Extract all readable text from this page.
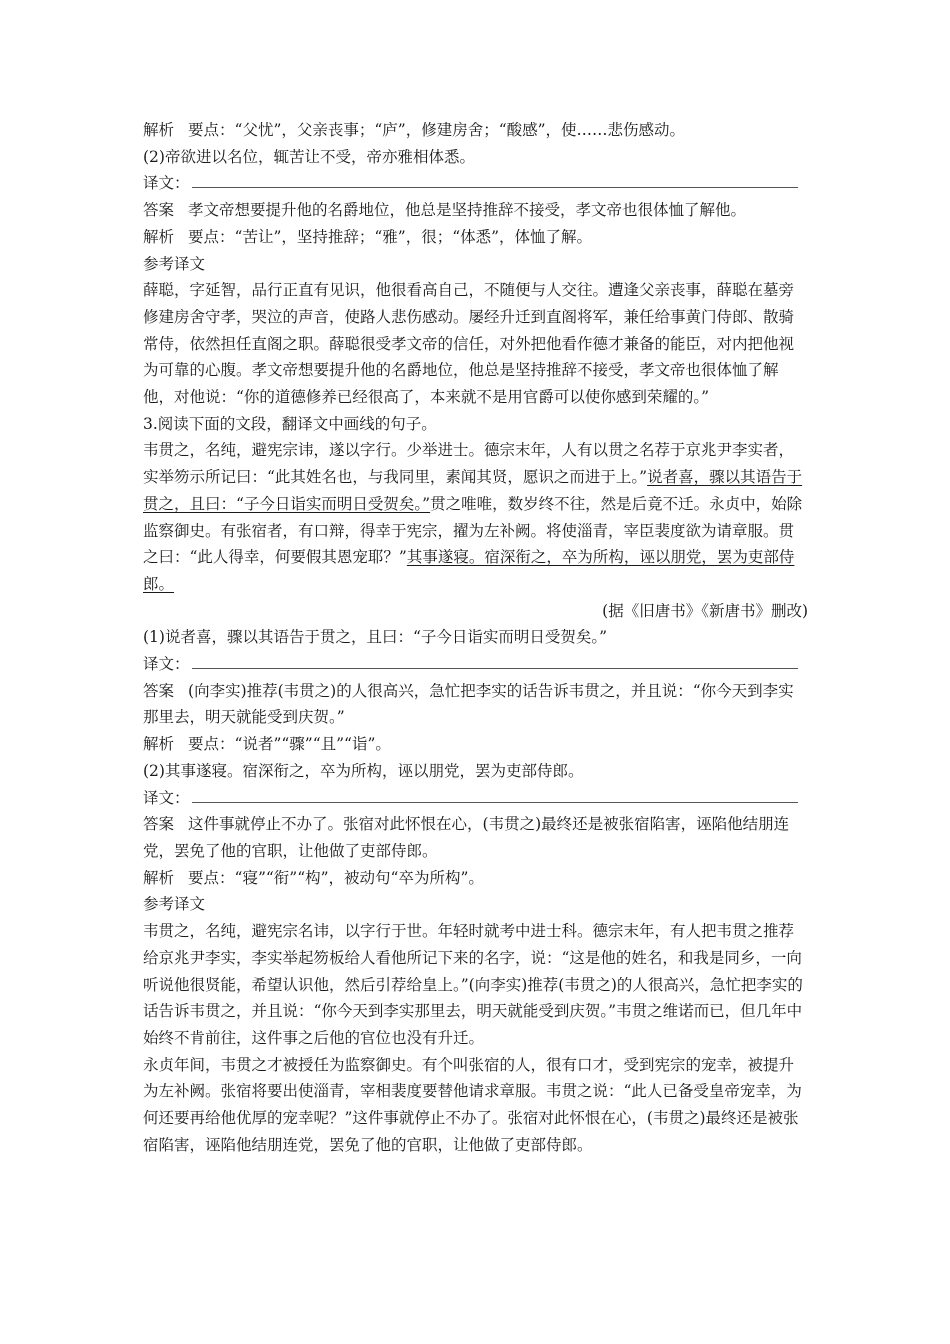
解析 要点：“父忧”，父亲丧事；“庐”，修建房舍；“酸感”，使……悲伤感动。
(2)帝欲进以名位，辄苦让不受，帝亦雅相体悉。
译文：
答案 孝文帝想要提升他的名爵地位，他总是坚持推辞不接受，孝文帝也很体恤了解他。
解析 要点：“苦让”，坚持推辞；“雅”，很；“体悉”，体恤了解。
参考译文
薛聪，字延智，品行正直有见识，他很看高自己，不随便与人交往。遭逢父亲丧事，薛聪在墓旁修建房舍守孝，哭泣的声音，使路人悲伤感动。屡经升迁到直阁将军，兼任给事黄门侍郎、散骑常侍，依然担任直阁之职。薛聪很受孝文帝的信任，对外把他看作德才兼备的能臣，对内把他视为可靠的心腹。孝文帝想要提升他的名爵地位，他总是坚持推辞不接受，孝文帝也很体恤了解他，对他说：“你的道德修养已经很高了，本来就不是用官爵可以使你感到荣耀的。”
3.阅读下面的文段，翻译文中画线的句子。
韦贯之，名纯，避宪宗讳，遂以字行。少举进士。德宗末年，人有以贯之名荐于京兆尹李实者，实举笏示所记曰：“此其姓名也，与我同里，素闻其贤，愿识之而进于上。”说者喜，骤以其语告于贯之，且曰：“子今日诣实而明日受贺矣。”贯之唯唯，数岁终不往，然是后竟不迁。永贞中，始除监察御史。有张宿者，有口辩，得幸于宪宗，擢为左补阙。将使淄青，宰臣裴度欲为请章服。贯之曰：“此人得幸，何要假其恩宠耶？”其事遂寝。宿深衔之，卒为所构，诬以朋党，罢为吏部侍郎。
(据《旧唐书》《新唐书》删改)
(1)说者喜，骤以其语告于贯之，且曰：“子今日诣实而明日受贺矣。”
译文：
答案 (向李实)推荐(韦贯之)的人很高兴，急忙把李实的话告诉韦贯之，并且说：“你今天到李实那里去，明天就能受到庆贺。”
解析 要点：“说者”“骤”“且”“诣”。
(2)其事遂寝。宿深衔之，卒为所构，诬以朋党，罢为吏部侍郎。
译文：
答案 这件事就停止不办了。张宿对此怀恨在心，(韦贯之)最终还是被张宿陷害，诬陷他结朋连党，罢免了他的官职，让他做了吏部侍郎。
解析 要点：“寝”“衔”“构”，被动句“卒为所构”。
参考译文
韦贯之，名纯，避宪宗名讳，以字行于世。年轻时就考中进士科。德宗末年，有人把韦贯之推荐给京兆尹李实，李实举起笏板给人看他所记下来的名字，说：“这是他的姓名，和我是同乡，一向听说他很贤能，希望认识他，然后引荐给皇上。”(向李实)推荐(韦贯之)的人很高兴，急忙把李实的话告诉韦贯之，并且说：“你今天到李实那里去，明天就能受到庆贺。”韦贯之维诺而已，但几年中始终不肯前往，这件事之后他的官位也没有升迁。
永贞年间，韦贯之才被授任为监察御史。有个叫张宿的人，很有口才，受到宪宗的宠幸，被提升为左补阙。张宿将要出使淄青，宰相裴度要替他请求章服。韦贯之说：“此人已备受皇帝宠幸，为何还要再给他优厚的宠幸呢？”这件事就停止不办了。张宿对此怀恨在心，(韦贯之)最终还是被张宿陷害，诬陷他结朋连党，罢免了他的官职，让他做了吏部侍郎。
